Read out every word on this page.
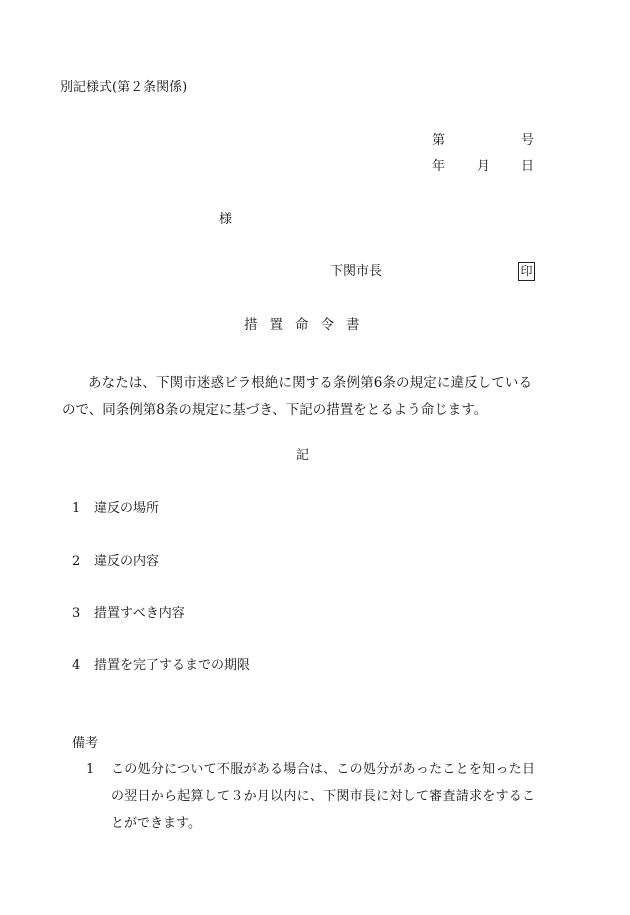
別記様式(第２条関係)
第	号
年 月 日
様
下関市長	印
措置命令書
あなたは、下関市迷惑ビラ根絶に関する条例第6条の規定に違反しているので、同条例第8条の規定に基づき、下記の措置をとるよう命じます。
記
1 違反の場所
2 違反の内容
3 措置すべき内容
4 措置を完了するまでの期限
備考
1 この処分について不服がある場合は、この処分があったことを知った日の翌日から起算して３か月以内に、下関市長に対して審査請求をすることができます。
